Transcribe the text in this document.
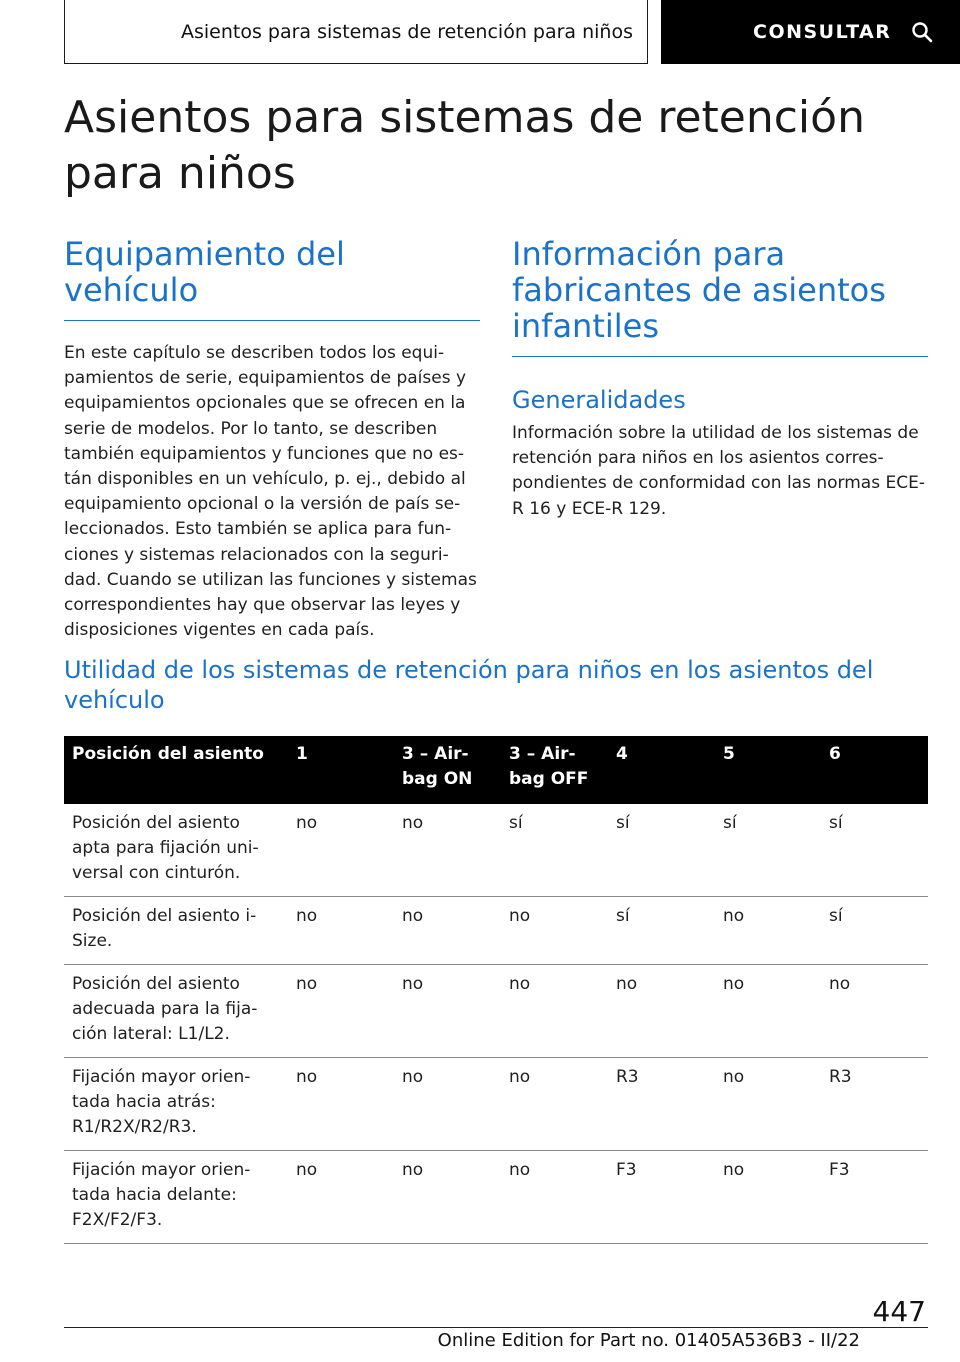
Asientos para sistemas de retención para niños	CONSULTAR
Asientos para sistemas de retención para niños
Equipamiento del vehículo

En este capítulo se describen todos los equi-pamientos de serie, equipamientos de países y equipamientos opcionales que se ofrecen en la serie de modelos. Por lo tanto, se describen también equipamientos y funciones que no es-tán disponibles en un vehículo, p. ej., debido al equipamiento opcional o la versión de país se-leccionados. Esto también se aplica para fun-ciones y sistemas relacionados con la seguri-dad. Cuando se utilizan las funciones y sistemas correspondientes hay que observar las leyes y disposiciones vigentes en cada país.

Información para fabricantes de asientos infantiles
Generalidades

Información sobre la utilidad de los sistemas de retención para niños en los asientos corres-pondientes de conformidad con las normas ECE-R 16 y ECE-R 129.

Utilidad de los sistemas de retención para niños en los asientos del vehículo
Posición del asiento	1	3 – Air-bag ON	3 – Air-bag OFF	4	5	6
Posición del asiento apta para fijación uni-versal con cinturón.	no	no	sí	sí	sí	sí
Posición del asiento i-Size.	no	no	no	sí	no	sí
Posición del asiento adecuada para la fija-ción lateral: L1/L2.	no	no	no	no	no	no
Fijación mayor orien-tada hacia atrás: R1/R2X/R2/R3.	no	no	no	R3	no	R3
Fijación mayor orien-tada hacia delante: F2X/F2/F3.	no	no	no	F3	no	F3
447
Online Edition for Part no. 01405A536B3 - II/22
